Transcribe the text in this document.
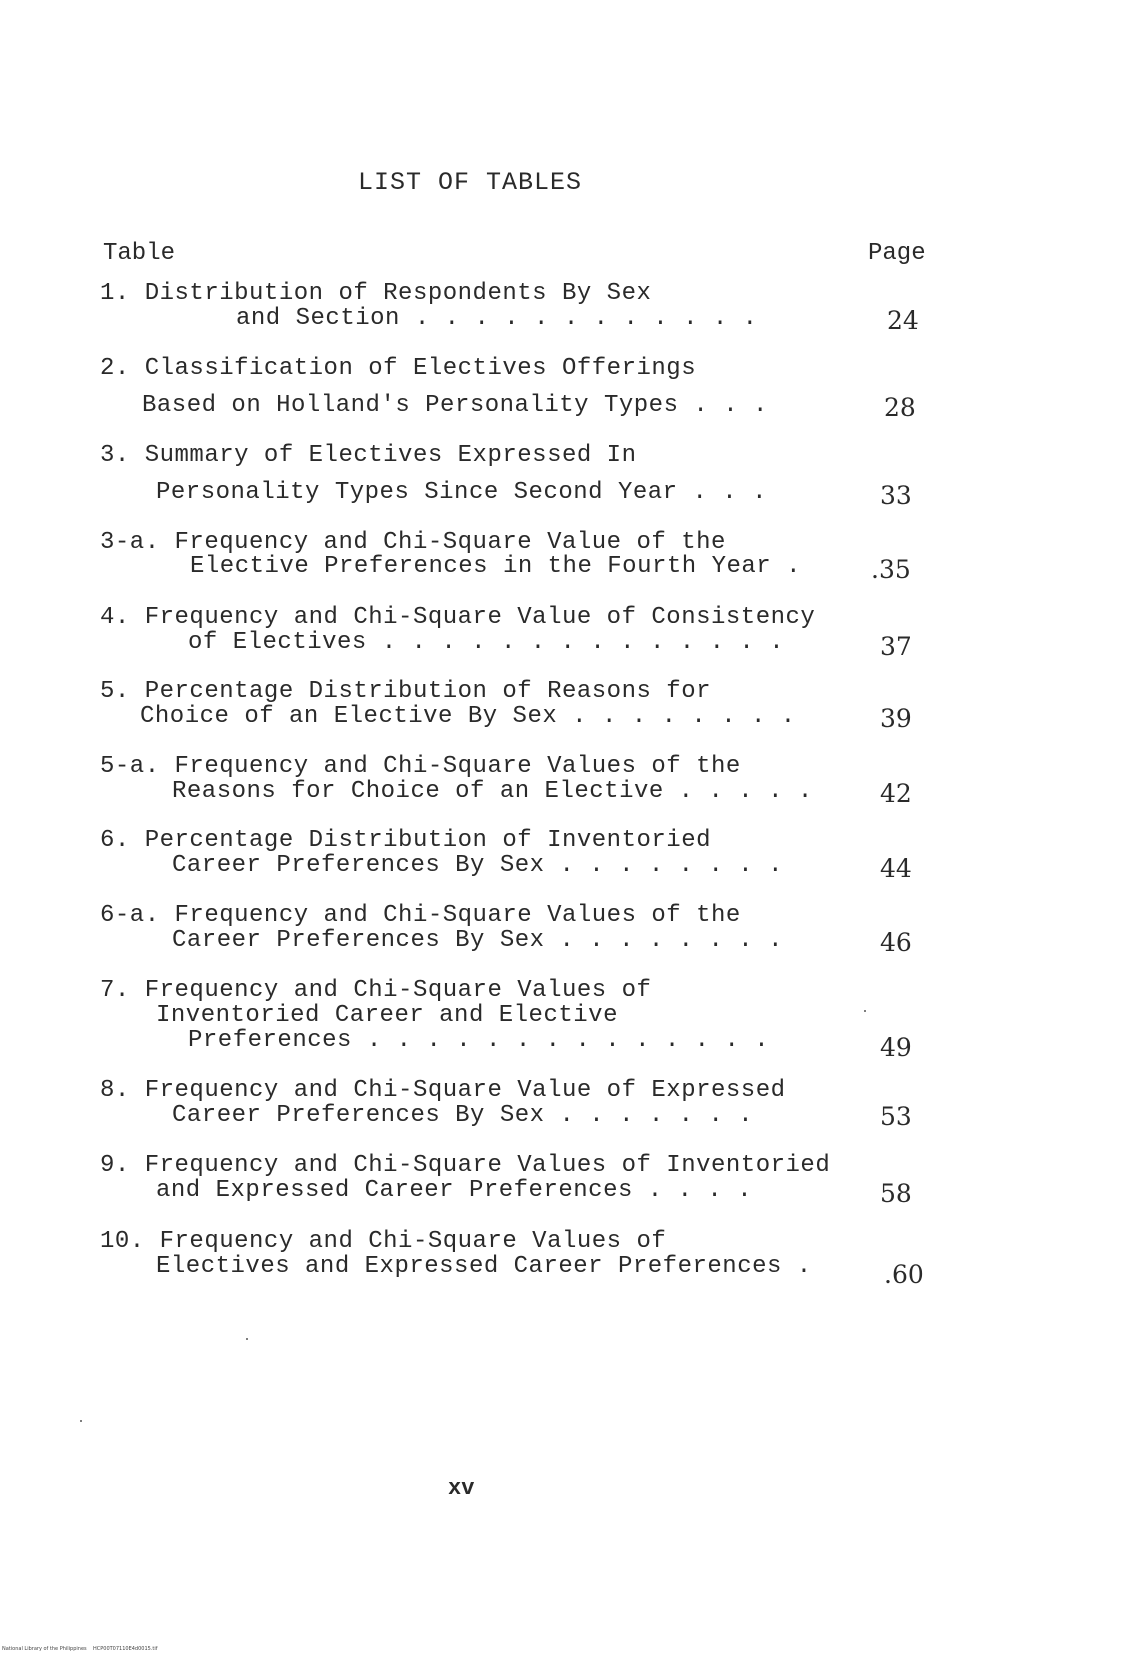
LIST OF TABLES
Table	Page
1. Distribution of Respondents By Sex
and Section . . . . . . . . . . . .	24
2. Classification of Electives Offerings
Based on Holland's Personality Types . . .	28
3. Summary of Electives Expressed In
Personality Types Since Second Year . . .	33
3-a. Frequency and Chi-Square Value of the
Elective Preferences in the Fourth Year .	.35
4. Frequency and Chi-Square Value of Consistency
of Electives . . . . . . . . . . . . . .	37
5. Percentage Distribution of Reasons for
Choice of an Elective By Sex . . . . . . . .	39
5-a. Frequency and Chi-Square Values of the
Reasons for Choice of an Elective . . . . .	42
6. Percentage Distribution of Inventoried
Career Preferences By Sex . . . . . . . .	44
6-a. Frequency and Chi-Square Values of the
Career Preferences By Sex . . . . . . . .	46
7. Frequency and Chi-Square Values of
Inventoried Career and Elective
Preferences . . . . . . . . . . . . . .	49
8. Frequency and Chi-Square Value of Expressed
Career Preferences By Sex . . . . . . .	53
9. Frequency and Chi-Square Values of Inventoried
and Expressed Career Preferences . . . .	58
10. Frequency and Chi-Square Values of
Electives and Expressed Career Preferences .	.60
xv
National Library of the Philippines    HCP00T07110E4d0015.tif
